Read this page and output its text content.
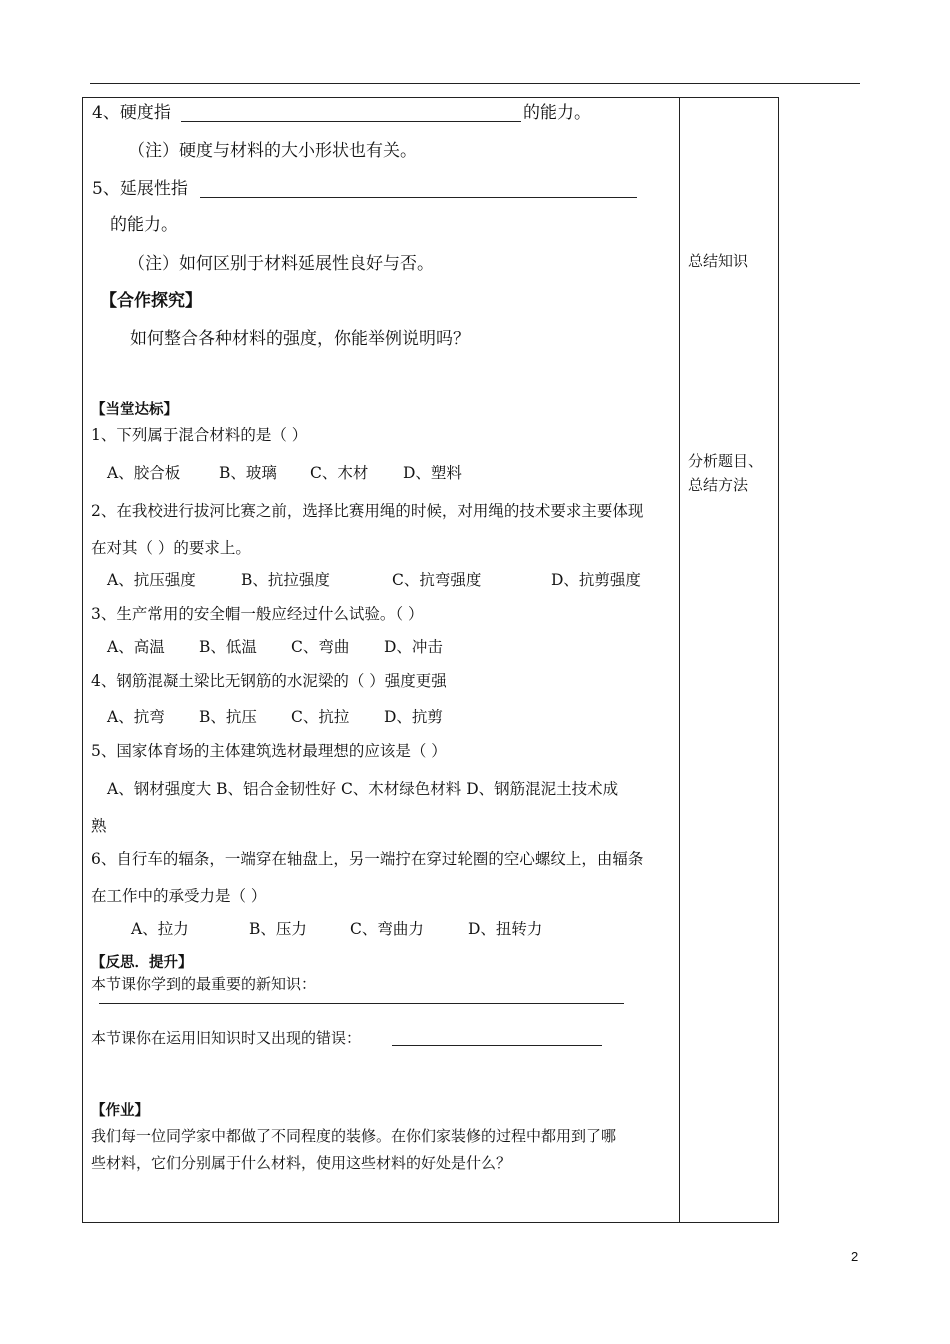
4、硬度指	的能力。
（注）硬度与材料的大小形状也有关。
5、延展性指
的能力。
（注）如何区别于材料延展性良好与否。
【合作探究】
如何整合各种材料的强度，你能举例说明吗？
【当堂达标】
1、下列属于混合材料的是（ ）
A、胶合板	B、玻璃 C、木材 D、塑料
2、在我校进行拔河比赛之前，选择比赛用绳的时候，对用绳的技术要求主要体现
在对其（ ）的要求上。
A、抗压强度	B、抗拉强度	C、抗弯强度	D、抗剪强度
3、生产常用的安全帽一般应经过什么试验。（ ）
A、高温 B、低温 C、弯曲 D、冲击
4、钢筋混凝土梁比无钢筋的水泥梁的（ ）强度更强
A、抗弯 B、抗压 C、抗拉 D、抗剪
5、国家体育场的主体建筑选材最理想的应该是（ ）
A、钢材强度大 B、铝合金韧性好 C、木材绿色材料 D、钢筋混泥土技术成
熟
6、自行车的辐条，一端穿在轴盘上，另一端拧在穿过轮圈的空心螺纹上，由辐条
在工作中的承受力是（ ）
A、拉力	B、压力	C、弯曲力	D、扭转力
【反思．提升】
本节课你学到的最重要的新知识：
本节课你在运用旧知识时又出现的错误：
【作业】
我们每一位同学家中都做了不同程度的装修。在你们家装修的过程中都用到了哪
些材料，它们分别属于什么材料，使用这些材料的好处是什么？
总结知识
分析题目、
总结方法
2
